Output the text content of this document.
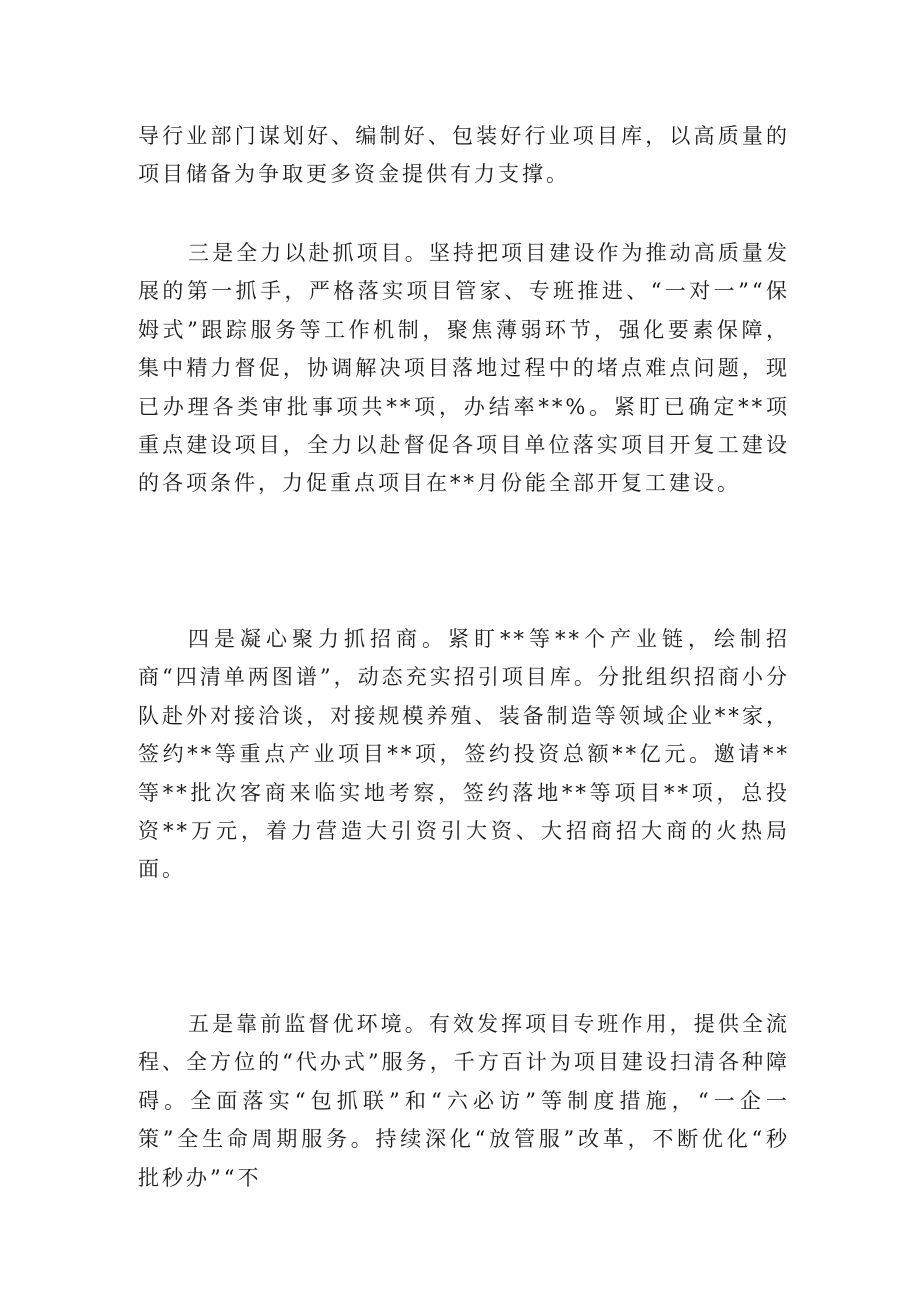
导行业部门谋划好、编制好、包装好行业项目库，以高质量的项目储备为争取更多资金提供有力支撑。

三是全力以赴抓项目。坚持把项目建设作为推动高质量发展的第一抓手，严格落实项目管家、专班推进、“一对一”“保姆式”跟踪服务等工作机制，聚焦薄弱环节，强化要素保障，集中精力督促，协调解决项目落地过程中的堵点难点问题，现已办理各类审批事项共**项，办结率**%。紧盯已确定**项重点建设项目，全力以赴督促各项目单位落实项目开复工建设的各项条件，力促重点项目在**月份能全部开复工建设。

四是凝心聚力抓招商。紧盯**等**个产业链，绘制招商“四清单两图谱”，动态充实招引项目库。分批组织招商小分队赴外对接洽谈，对接规模养殖、装备制造等领域企业**家，签约**等重点产业项目**项，签约投资总额**亿元。邀请**等**批次客商来临实地考察，签约落地**等项目**项，总投资**万元，着力营造大引资引大资、大招商招大商的火热局面。

五是靠前监督优环境。有效发挥项目专班作用，提供全流程、全方位的“代办式”服务，千方百计为项目建设扫清各种障碍。全面落实“包抓联”和“六必访”等制度措施，“一企一策”全生命周期服务。持续深化“放管服”改革，不断优化“秒批秒办”“不
